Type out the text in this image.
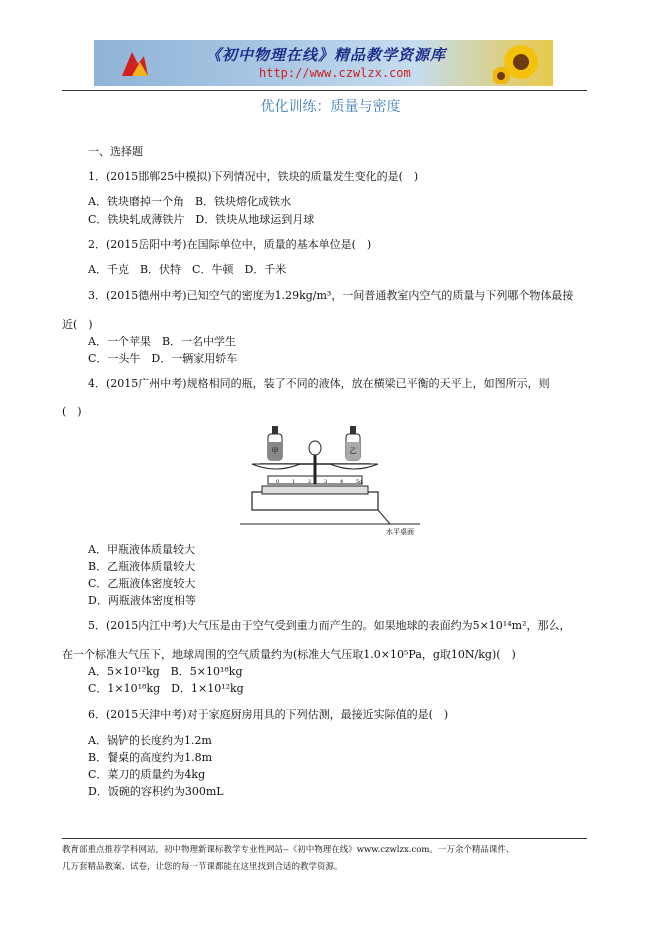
《初中物理在线》精品教学资源库
http://www.czwlzx.com
优化训练：质量与密度
一、选择题
1．(2015邯郸25中模拟)下列情况中，铁块的质量发生变化的是(　)
A．铁块磨掉一个角　B．铁块熔化成铁水
C．铁块轧成薄铁片　D．铁块从地球运到月球
2．(2015岳阳中考)在国际单位中，质量的基本单位是(　)
A．千克　B．伏特　C．牛顿　D．千米
3．(2015德州中考)已知空气的密度为1.29kg/m³，一间普通教室内空气的质量与下列哪个物体最接
近(　)
A．一个苹果　B．一名中学生
C．一头牛　D．一辆家用轿车
4．(2015广州中考)规格相同的瓶，装了不同的液体，放在横梁已平衡的天平上，如图所示，则
(　)
A．甲瓶液体质量较大
B．乙瓶液体质量较大
C．乙瓶液体密度较大
D．两瓶液体密度相等
5．(2015内江中考)大气压是由于空气受到重力而产生的。如果地球的表面约为5×10¹⁴m²，那么，
在一个标准大气压下，地球周围的空气质量约为(标准大气压取1.0×10⁵Pa，g取10N/kg)(　)
A．5×10¹²kg　B．5×10¹⁸kg
C．1×10¹⁸kg　D．1×10¹²kg
6．(2015天津中考)对于家庭厨房用具的下列估测，最接近实际值的是(　)
A．锅铲的长度约为1.2m
B．餐桌的高度约为1.8m
C．菜刀的质量约为4kg
D．饭碗的容积约为300mL
甲	乙
0	1	2	3	4	5g
水平桌面
教育部重点推荐学科网站，初中物理新课标教学专业性网站--《初中物理在线》www.czwlzx.com。一万余个精品课件、
几万套精品教案、试卷，让您的每一节课都能在这里找到合适的教学资源。
